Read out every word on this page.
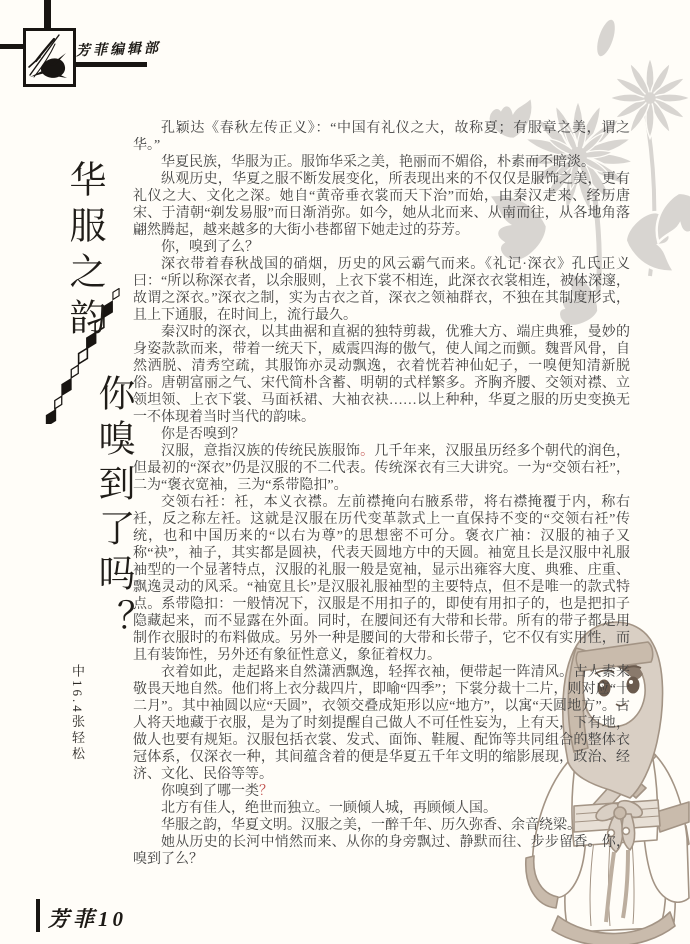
芳菲编辑部
华服之韵
你嗅到了吗？
中16.4张轻松

孔颖达《春秋左传正义》：“中国有礼仪之大，故称夏；有服章之美，谓之华。”

华夏民族，华服为正。服饰华采之美，艳丽而不媚俗，朴素而不暗淡。

纵观历史，华夏之服不断发展变化，所表现出来的不仅仅是服饰之美，更有礼仪之大、文化之深。她自“黄帝垂衣裳而天下治”而始，由秦汉走来、经历唐宋、于清朝“剃发易服”而日渐消弥。如今，她从北而来、从南而往，从各地角落翩然腾起，越来越多的大街小巷都留下她走过的芬芳。

你，嗅到了么？

深衣带着春秋战国的硝烟，历史的风云霸气而来。《礼记·深衣》孔氏正义曰：“所以称深衣者，以余服则，上衣下裳不相连，此深衣衣裳相连，被体深邃，故谓之深衣。”深衣之制，实为古衣之首，深衣之领袖群衣，不独在其制度形式，且上下通服，在时间上，流行最久。

秦汉时的深衣，以其曲裾和直裾的独特剪裁，优雅大方、端庄典雅，曼妙的身姿款款而来，带着一统天下，威震四海的傲气，使人闻之而颤。魏晋风骨，自然洒脱、清秀空疏，其服饰亦灵动飘逸，衣着恍若神仙妃子，一嗅便知清新脱俗。唐朝富丽之气、宋代简朴含蓄、明朝的式样繁多。齐胸齐腰、交领对襟、立领坦领、上衣下裳、马面袄裙、大袖衣袂……以上种种，华夏之服的历史变换无一不体现着当时当代的韵味。

你是否嗅到？

汉服，意指汉族的传统民族服饰。几千年来，汉服虽历经多个朝代的润色，但最初的“深衣”仍是汉服的不二代表。传统深衣有三大讲究。一为“交领右衽”，二为“褒衣宽袖，三为“系带隐扣”。

交领右衽：衽，本义衣襟。左前襟掩向右腋系带，将右襟掩覆于内，称右衽，反之称左衽。这就是汉服在历代变革款式上一直保持不变的“交领右衽”传统，也和中国历来的“以右为尊”的思想密不可分。褒衣广袖：汉服的袖子又称“袂”，袖子，其实都是圆袂，代表天圆地方中的天圆。袖宽且长是汉服中礼服袖型的一个显著特点，汉服的礼服一般是宽袖，显示出雍容大度、典雅、庄重、飘逸灵动的风采。“袖宽且长”是汉服礼服袖型的主要特点，但不是唯一的款式特点。系带隐扣：一般情况下，汉服是不用扣子的，即使有用扣子的，也是把扣子隐藏起来，而不显露在外面。同时，在腰间还有大带和长带。所有的带子都是用制作衣服时的布料做成。另外一种是腰间的大带和长带子，它不仅有实用性，而且有装饰性，另外还有象征性意义，象征着权力。

衣着如此，走起路来自然潇洒飘逸，轻挥衣袖，便带起一阵清风。古人素来敬畏天地自然。他们将上衣分裁四片，即喻“四季”；下裳分裁十二片，则对应“十二月”。其中袖圆以应“天圆”，衣领交叠成矩形以应“地方”，以寓“天圆地方”。古人将天地藏于衣服，是为了时刻提醒自己做人不可任性妄为，上有天，下有地，做人也要有规矩。汉服包括衣裳、发式、面饰、鞋履、配饰等共同组合的整体衣冠体系，仅深衣一种，其间蕴含着的便是华夏五千年文明的缩影展现，政治、经济、文化、民俗等等。

你嗅到了哪一类？

北方有佳人，绝世而独立。一顾倾人城，再顾倾人国。

华服之韵，华夏文明。汉服之美，一醉千年、历久弥香、余音绕梁。

她从历史的长河中悄然而来、从你的身旁飘过、静默而往、步步留香。你，嗅到了么？

芳菲10
